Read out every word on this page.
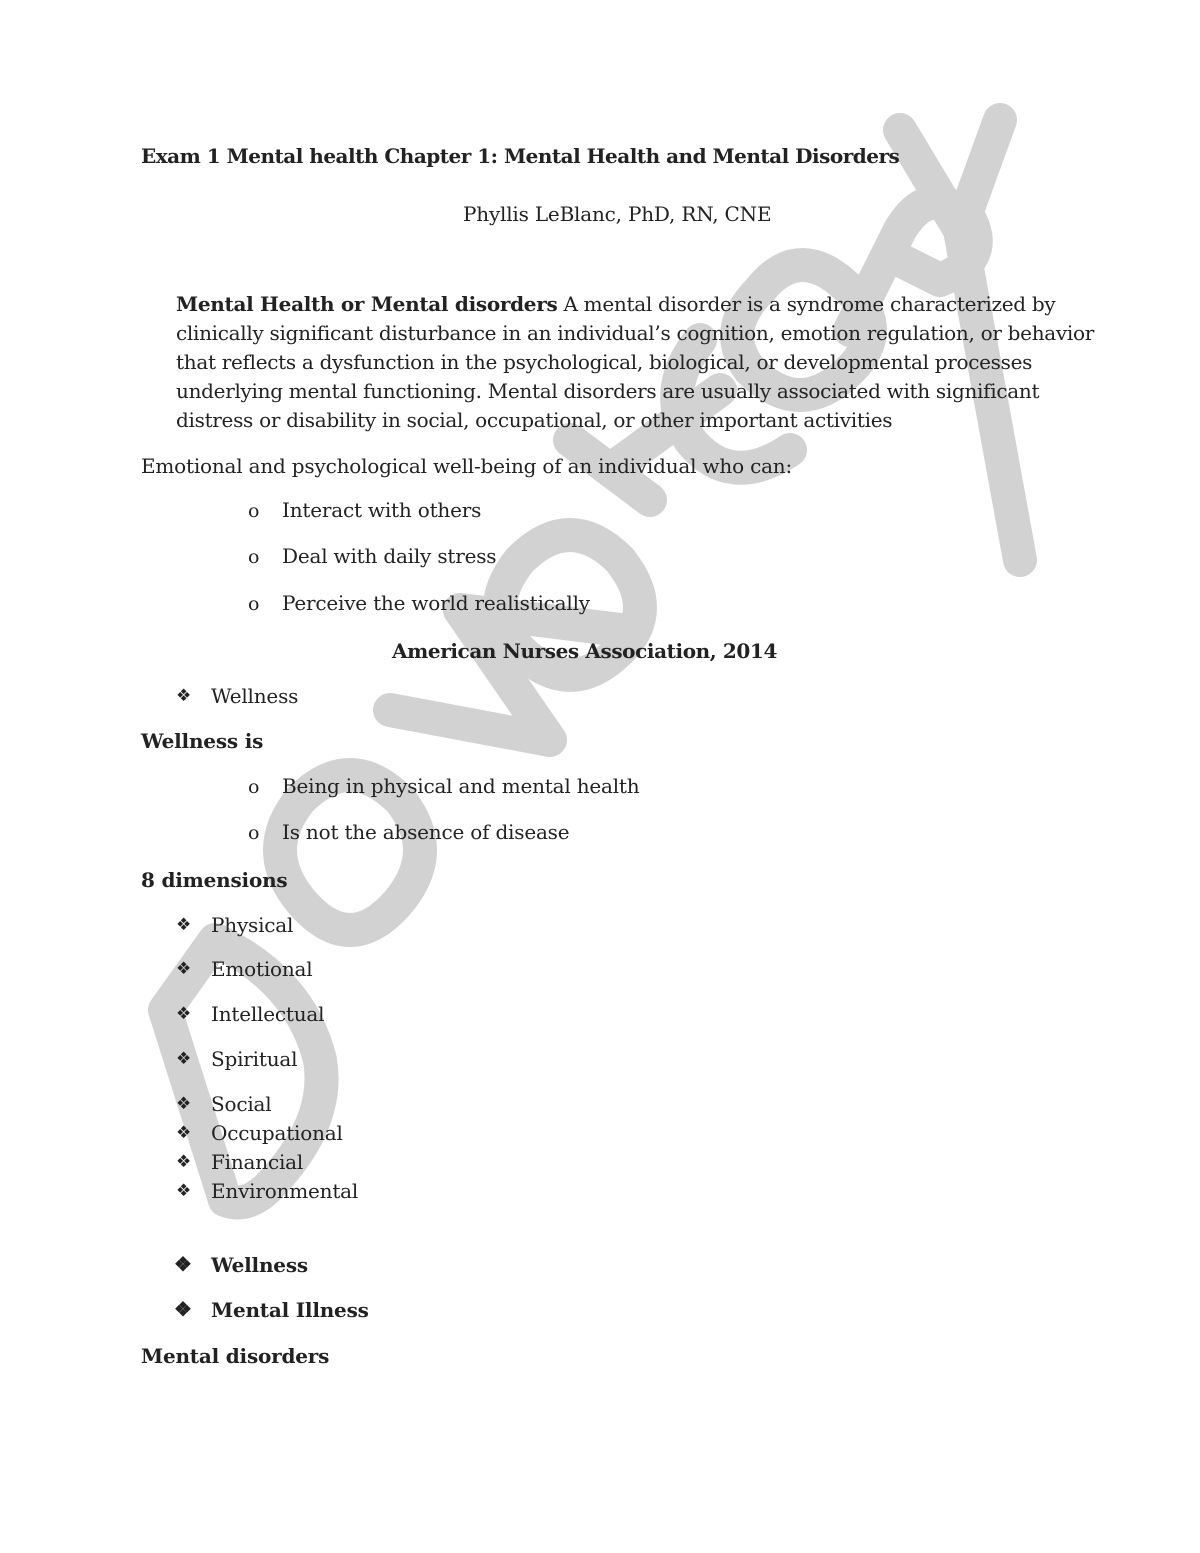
Exam 1 Mental health Chapter 1: Mental Health and Mental Disorders
Phyllis LeBlanc, PhD, RN, CNE
Mental Health or Mental disorders A mental disorder is a syndrome characterized by
clinically significant disturbance in an individual’s cognition, emotion regulation, or behavior
that reflects a dysfunction in the psychological, biological, or developmental processes
underlying mental functioning. Mental disorders are usually associated with significant
distress or disability in social, occupational, or other important activities
Emotional and psychological well-being of an individual who can:
o Interact with others
o Deal with daily stress
o Perceive the world realistically
American Nurses Association, 2014
❖ Wellness
Wellness is
o Being in physical and mental health
o Is not the absence of disease
8 dimensions
❖ Physical
❖ Emotional
❖ Intellectual
❖ Spiritual
❖ Social
❖ Occupational
❖ Financial
❖ Environmental
❖ Wellness
❖ Mental Illness
Mental disorders
